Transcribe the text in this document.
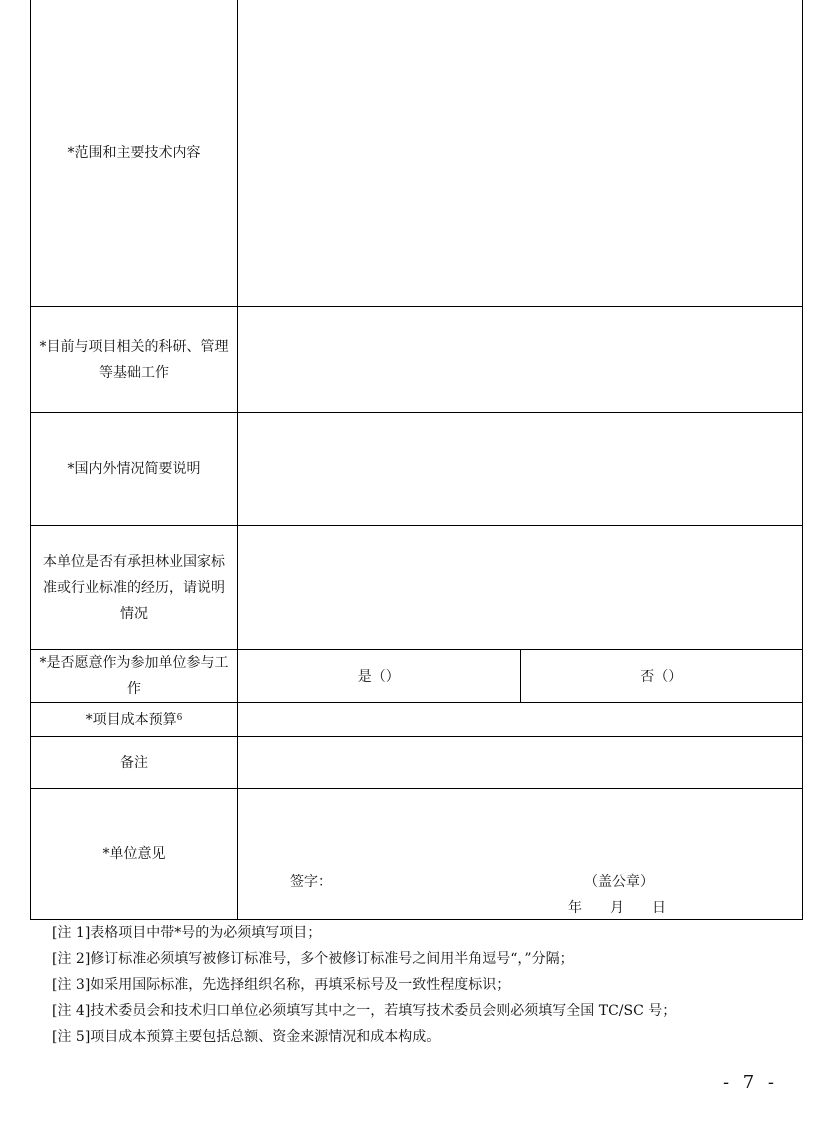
*范围和主要技术内容		
*目前与项目相关的科研、管理等基础工作		
*国内外情况简要说明		
本单位是否有承担林业国家标准或行业标准的经历，请说明情况		
*是否愿意作为参加单位参与工作	是（）	否（）
*项目成本预算$^6$	
备注		
*单位意见	签字： （盖公章）
年　　月　　日	

[注 1]表格项目中带*号的为必须填写项目；

[注 2]修订标准必须填写被修订标准号，多个被修订标准号之间用半角逗号“，”分隔；

[注 3]如采用国际标准，先选择组织名称，再填采标号及一致性程度标识；

[注 4]技术委员会和技术归口单位必须填写其中之一，若填写技术委员会则必须填写全国 TC/SC 号；

[注 5]项目成本预算主要包括总额、资金来源情况和成本构成。

- 7 -
